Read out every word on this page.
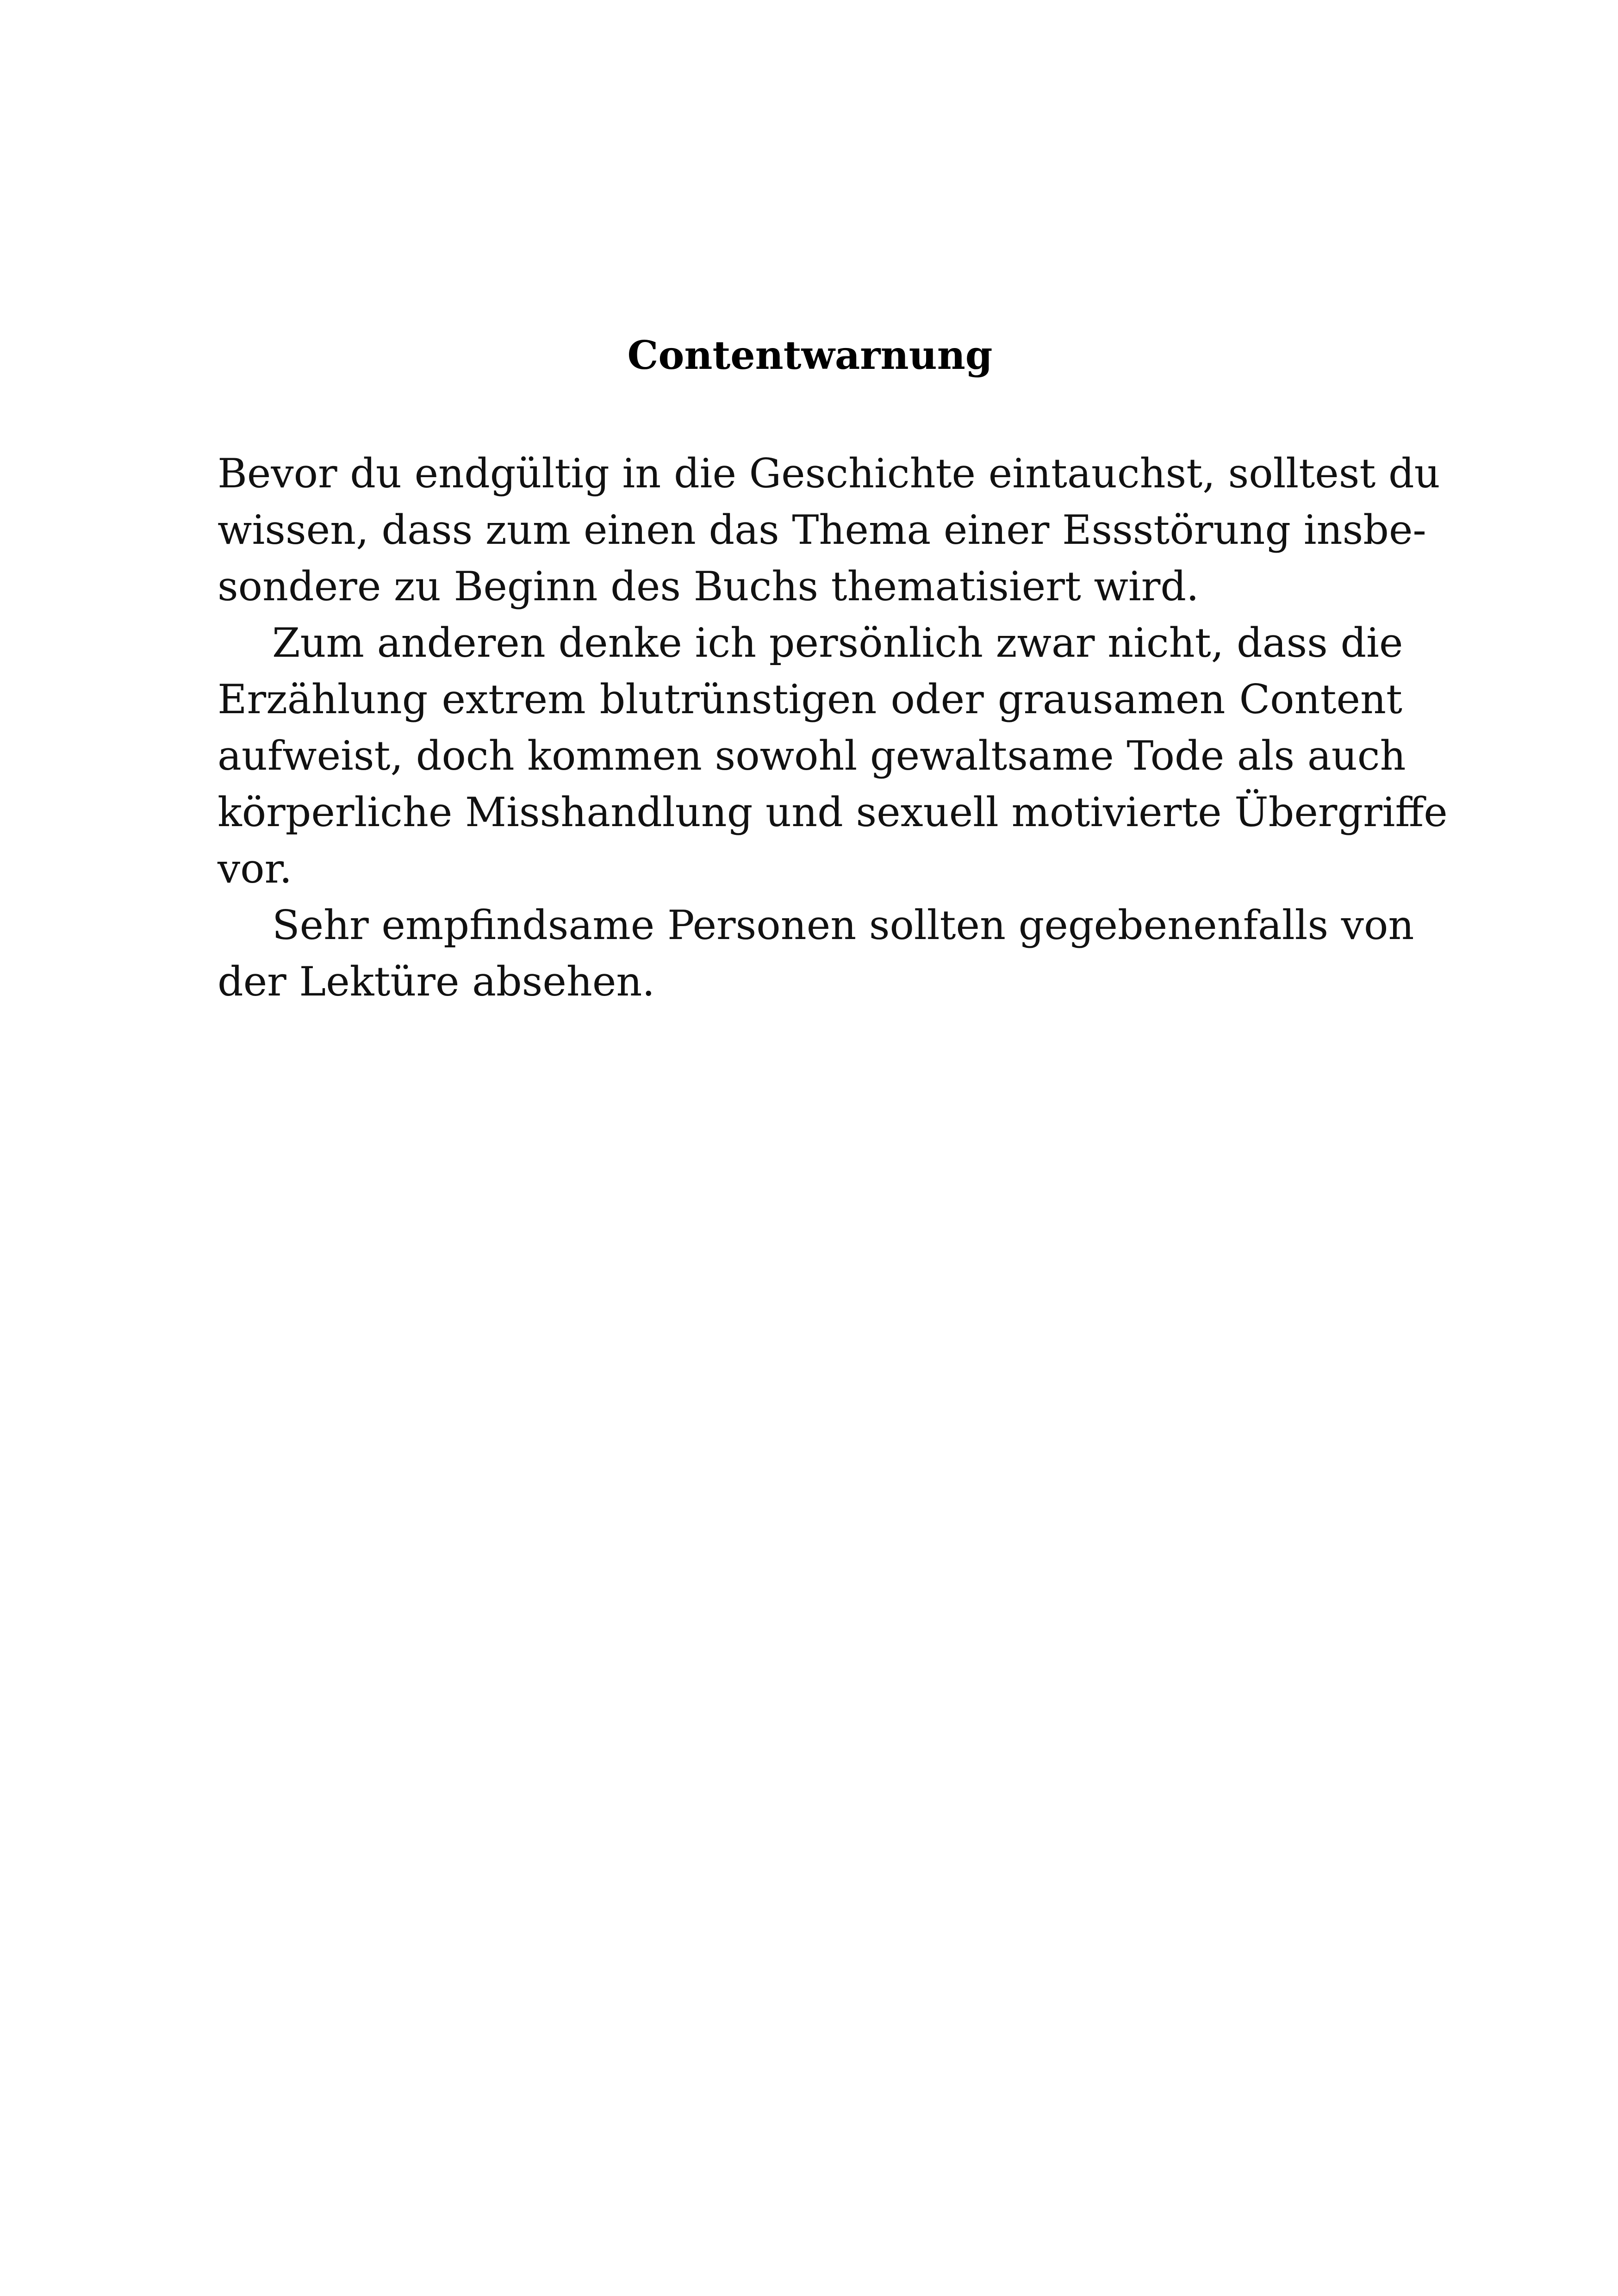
Contentwarnung
Bevor du endgültig in die Geschichte eintauchst, solltest du
wissen, dass zum einen das Thema einer Essstörung insbe-
sondere zu Beginn des Buchs thematisiert wird.
Zum anderen denke ich persönlich zwar nicht, dass die
Erzählung extrem blutrünstigen oder grausamen Content
aufweist, doch kommen sowohl gewaltsame Tode als auch
körperliche Misshandlung und sexuell motivierte Übergriffe
vor.
Sehr empfindsame Personen sollten gegebenenfalls von
der Lektüre absehen.
